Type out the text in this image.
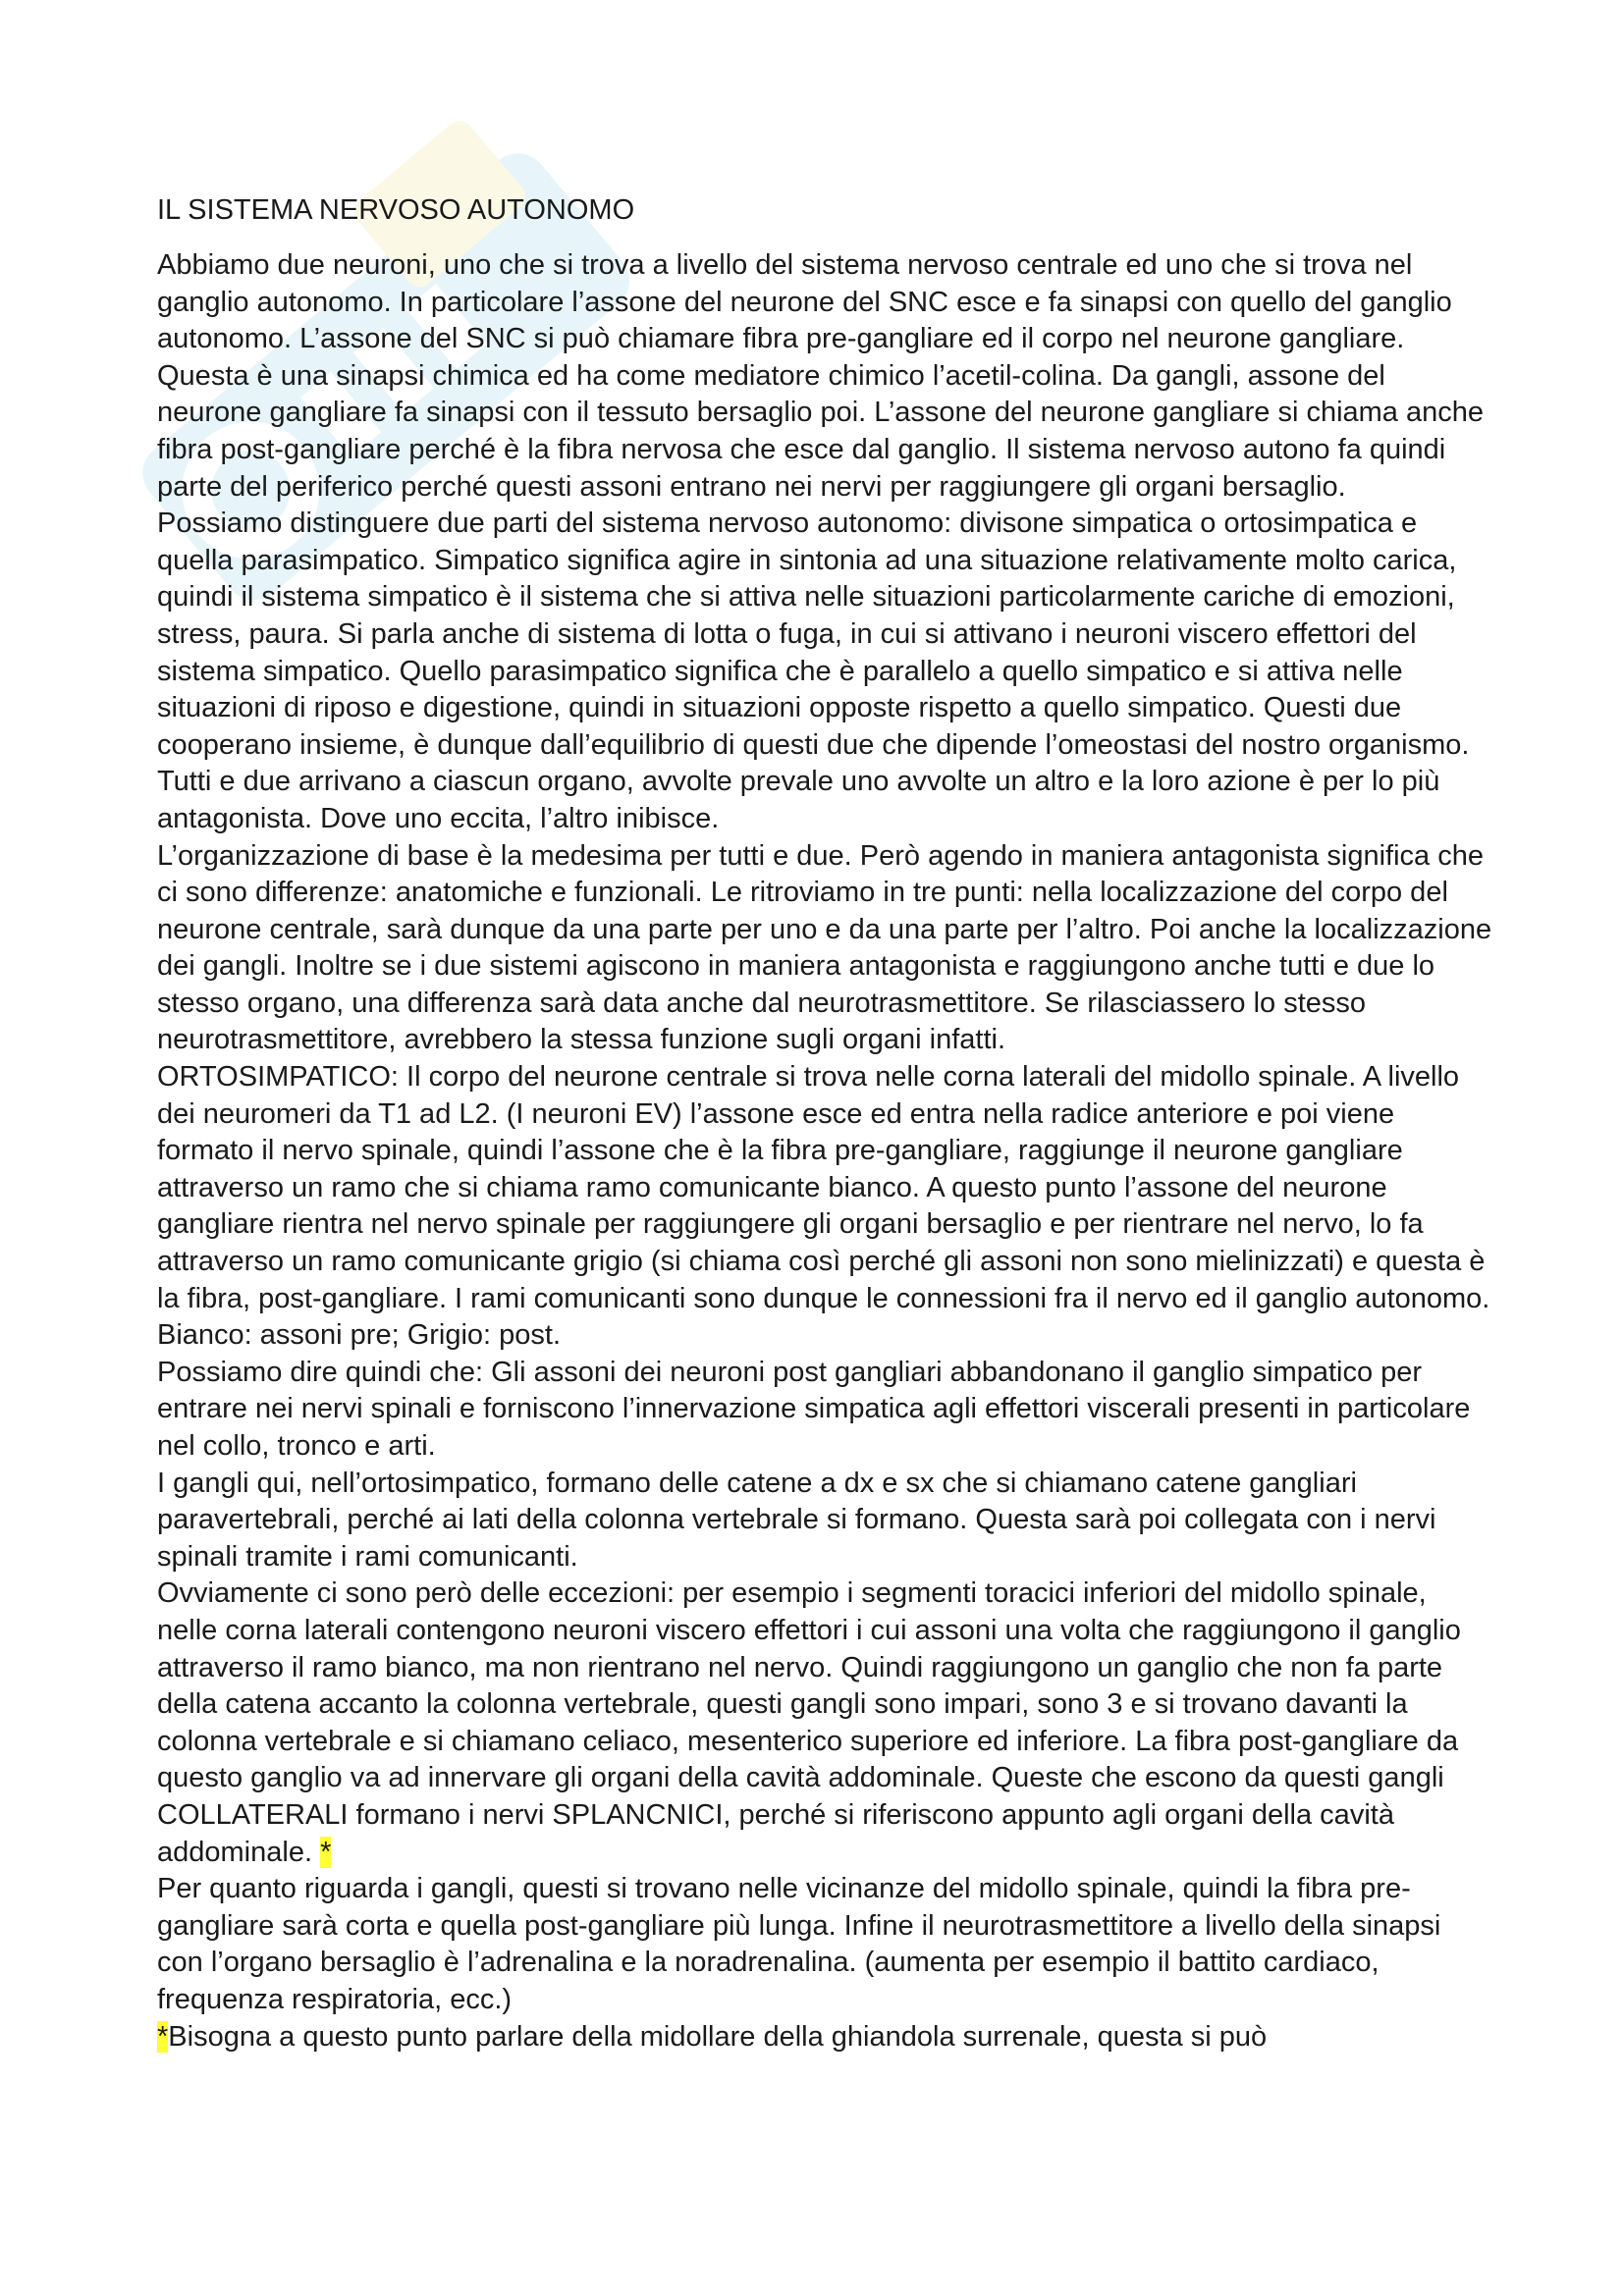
IL SISTEMA NERVOSO AUTONOMO

Abbiamo due neuroni, uno che si trova a livello del sistema nervoso centrale ed uno che si trova nel ganglio autonomo. In particolare l’assone del neurone del SNC esce e fa sinapsi con quello del ganglio autonomo. L’assone del SNC si può chiamare fibra pre-gangliare ed il corpo nel neurone gangliare. Questa è una sinapsi chimica ed ha come mediatore chimico l’acetil-colina. Da gangli, assone del neurone gangliare fa sinapsi con il tessuto bersaglio poi. L’assone del neurone gangliare si chiama anche fibra post-gangliare perché è la fibra nervosa che esce dal ganglio. Il sistema nervoso autono fa quindi parte del periferico perché questi assoni entrano nei nervi per raggiungere gli organi bersaglio.

Possiamo distinguere due parti del sistema nervoso autonomo: divisone simpatica o ortosimpatica e quella parasimpatico. Simpatico significa agire in sintonia ad una situazione relativamente molto carica, quindi il sistema simpatico è il sistema che si attiva nelle situazioni particolarmente cariche di emozioni, stress, paura. Si parla anche di sistema di lotta o fuga, in cui si attivano i neuroni viscero effettori del sistema simpatico. Quello parasimpatico significa che è parallelo a quello simpatico e si attiva nelle situazioni di riposo e digestione, quindi in situazioni opposte rispetto a quello simpatico. Questi due cooperano insieme, è dunque dall’equilibrio di questi due che dipende l’omeostasi del nostro organismo. Tutti e due arrivano a ciascun organo, avvolte prevale uno avvolte un altro e la loro azione è per lo più antagonista. Dove uno eccita, l’altro inibisce.

L’organizzazione di base è la medesima per tutti e due. Però agendo in maniera antagonista significa che ci sono differenze: anatomiche e funzionali. Le ritroviamo in tre punti: nella localizzazione del corpo del neurone centrale, sarà dunque da una parte per uno e da una parte per l’altro. Poi anche la localizzazione dei gangli. Inoltre se i due sistemi agiscono in maniera antagonista e raggiungono anche tutti e due lo stesso organo, una differenza sarà data anche dal neurotrasmettitore. Se rilasciassero lo stesso neurotrasmettitore, avrebbero la stessa funzione sugli organi infatti.

ORTOSIMPATICO: Il corpo del neurone centrale si trova nelle corna laterali del midollo spinale. A livello dei neuromeri da T1 ad L2. (I neuroni EV) l’assone esce ed entra nella radice anteriore e poi viene formato il nervo spinale, quindi l’assone che è la fibra pre-gangliare, raggiunge il neurone gangliare attraverso un ramo che si chiama ramo comunicante bianco. A questo punto l’assone del neurone gangliare rientra nel nervo spinale per raggiungere gli organi bersaglio e per rientrare nel nervo, lo fa attraverso un ramo comunicante grigio (si chiama così perché gli assoni non sono mielinizzati) e questa è la fibra, post-gangliare. I rami comunicanti sono dunque le connessioni fra il nervo ed il ganglio autonomo. Bianco: assoni pre; Grigio: post.

Possiamo dire quindi che: Gli assoni dei neuroni post gangliari abbandonano il ganglio simpatico per entrare nei nervi spinali e forniscono l’innervazione simpatica agli effettori viscerali presenti in particolare nel collo, tronco e arti.

I gangli qui, nell’ortosimpatico, formano delle catene a dx e sx che si chiamano catene gangliari paravertebrali, perché ai lati della colonna vertebrale si formano. Questa sarà poi collegata con i nervi spinali tramite i rami comunicanti.

Ovviamente ci sono però delle eccezioni: per esempio i segmenti toracici inferiori del midollo spinale, nelle corna laterali contengono neuroni viscero effettori i cui assoni una volta che raggiungono il ganglio attraverso il ramo bianco, ma non rientrano nel nervo. Quindi raggiungono un ganglio che non fa parte della catena accanto la colonna vertebrale, questi gangli sono impari, sono 3 e si trovano davanti la colonna vertebrale e si chiamano celiaco, mesenterico superiore ed inferiore. La fibra post-gangliare da questo ganglio va ad innervare gli organi della cavità addominale. Queste che escono da questi gangli COLLATERALI formano i nervi SPLANCNICI, perché si riferiscono appunto agli organi della cavità addominale. *

Per quanto riguarda i gangli, questi si trovano nelle vicinanze del midollo spinale, quindi la fibra pre-gangliare sarà corta e quella post-gangliare più lunga. Infine il neurotrasmettitore a livello della sinapsi con l’organo bersaglio è l’adrenalina e la noradrenalina. (aumenta per esempio il battito cardiaco, frequenza respiratoria, ecc.)

*Bisogna a questo punto parlare della midollare della ghiandola surrenale, questa si può
